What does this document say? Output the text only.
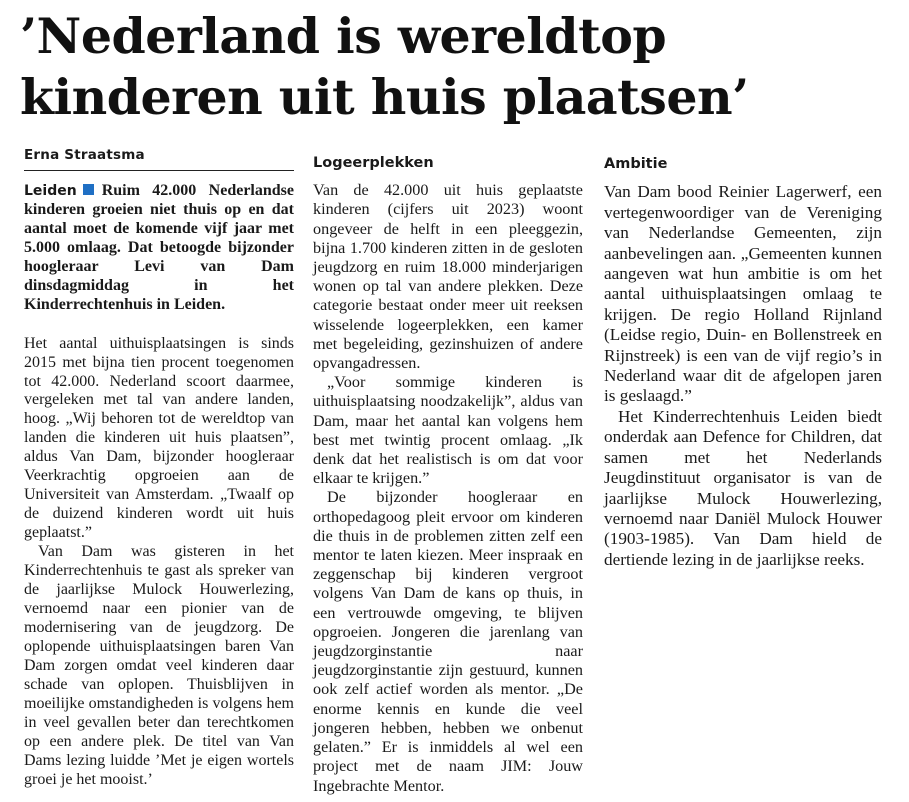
’Nederland is wereldtop
kinderen uit huis plaatsen’
Erna Straatsma

Leiden Ruim 42.000 Nederlandse kinderen groeien niet thuis op en dat aantal moet de komende vijf jaar met 5.000 omlaag. Dat betoogde bijzonder hoogleraar Levi van Dam dinsdagmiddag in het Kinderrechtenhuis in Leiden.

Het aantal uithuisplaatsingen is sinds 2015 met bijna tien procent toegenomen tot 42.000. Nederland scoort daarmee, vergeleken met tal van andere landen, hoog. „Wij behoren tot de wereldtop van landen die kinderen uit huis plaatsen”, aldus Van Dam, bijzonder hoogleraar Veerkrachtig opgroeien aan de Universiteit van Amsterdam. „Twaalf op de duizend kinderen wordt uit huis geplaatst.”

Van Dam was gisteren in het Kinderrechtenhuis te gast als spreker van de jaarlijkse Mulock Houwerlezing, vernoemd naar een pionier van de modernisering van de jeugdzorg. De oplopende uithuisplaatsingen baren Van Dam zorgen omdat veel kinderen daar schade van oplopen. Thuisblijven in moeilijke omstandigheden is volgens hem in veel gevallen beter dan terechtkomen op een andere plek. De titel van Van Dams lezing luidde ’Met je eigen wortels groei je het mooist.’

Logeerplekken

Van de 42.000 uit huis geplaatste kinderen (cijfers uit 2023) woont ongeveer de helft in een pleeggezin, bijna 1.700 kinderen zitten in de gesloten jeugdzorg en ruim 18.000 minderjarigen wonen op tal van andere plekken. Deze categorie bestaat onder meer uit reeksen wisselende logeerplekken, een kamer met begeleiding, gezinshuizen of andere opvangadressen.

„Voor sommige kinderen is uithuisplaatsing noodzakelijk”, aldus van Dam, maar het aantal kan volgens hem best met twintig procent omlaag. „Ik denk dat het realistisch is om dat voor elkaar te krijgen.”

De bijzonder hoogleraar en orthopedagoog pleit ervoor om kinderen die thuis in de problemen zitten zelf een mentor te laten kiezen. Meer inspraak en zeggenschap bij kinderen vergroot volgens Van Dam de kans op thuis, in een vertrouwde omgeving, te blijven opgroeien. Jongeren die jarenlang van jeugdzorginstantie naar jeugdzorginstantie zijn gestuurd, kunnen ook zelf actief worden als mentor. „De enorme kennis en kunde die veel jongeren hebben, hebben we onbenut gelaten.” Er is inmiddels al wel een project met de naam JIM: Jouw Ingebrachte Mentor.

Ambitie

Van Dam bood Reinier Lagerwerf, een vertegenwoordiger van de Vereniging van Nederlandse Gemeenten, zijn aanbevelingen aan. „Gemeenten kunnen aangeven wat hun ambitie is om het aantal uithuisplaatsingen omlaag te krijgen. De regio Holland Rijnland (Leidse regio, Duin- en Bollenstreek en Rijnstreek) is een van de vijf regio’s in Nederland waar dit de afgelopen jaren is geslaagd.”

Het Kinderrechtenhuis Leiden biedt onderdak aan Defence for Children, dat samen met het Nederlands Jeugdinstituut organisator is van de jaarlijkse Mulock Houwerlezing, vernoemd naar Daniël Mulock Houwer (1903-1985). Van Dam hield de dertiende lezing in de jaarlijkse reeks.
